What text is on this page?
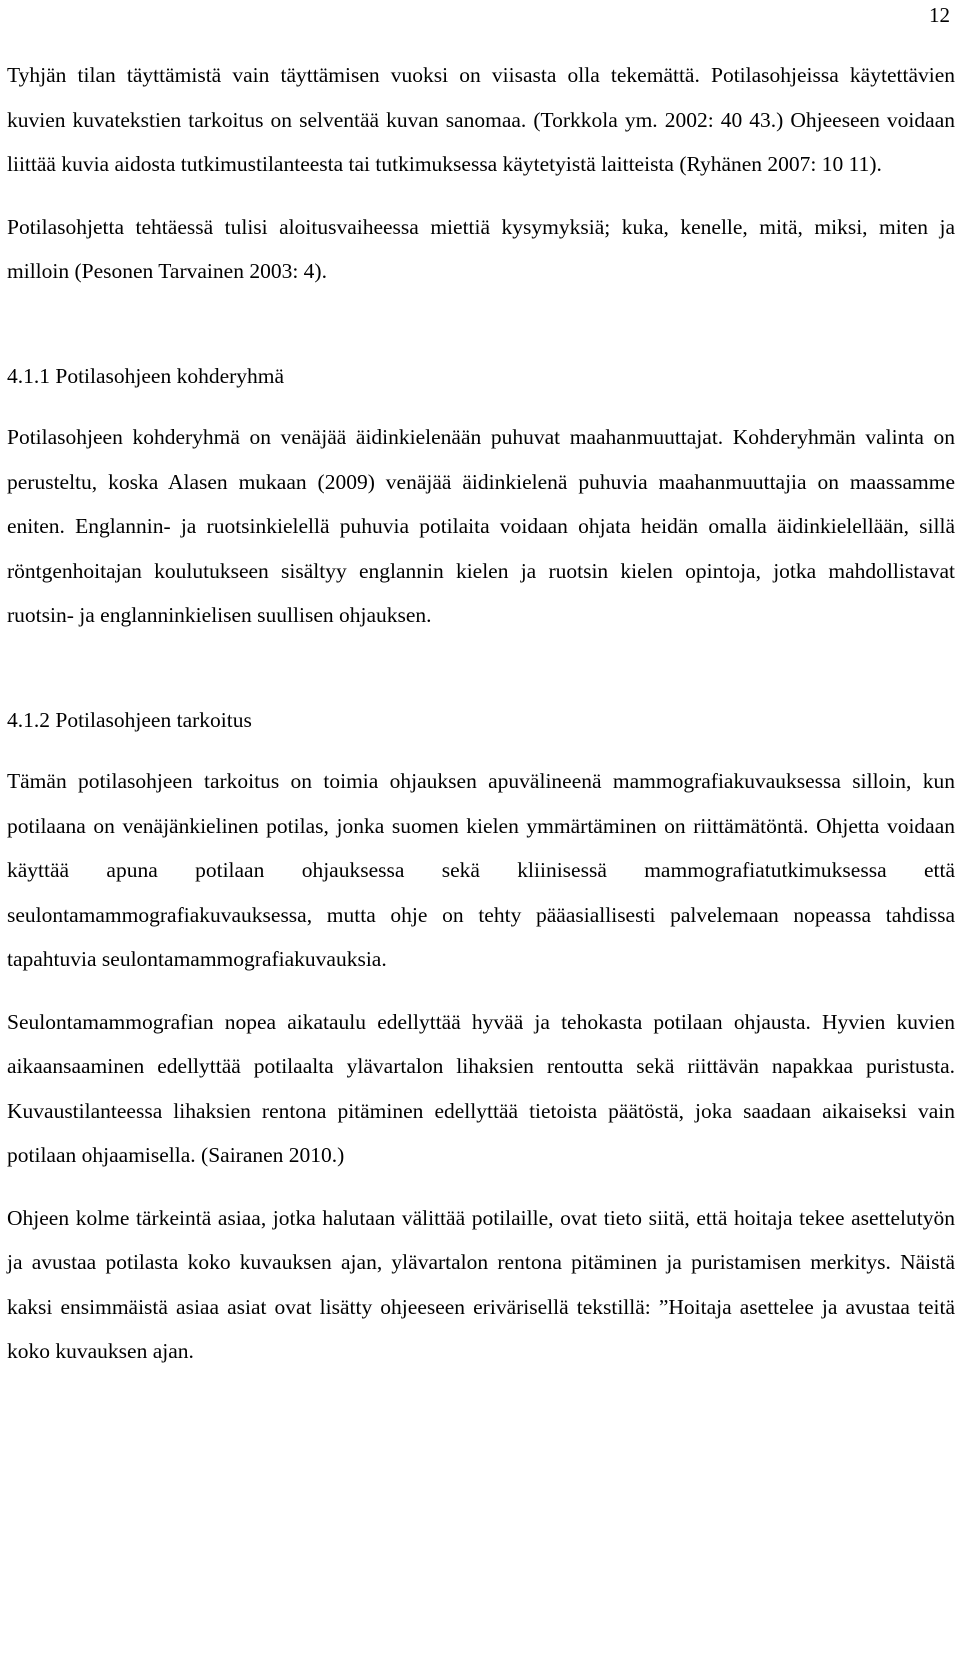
12

Tyhjän tilan täyttämistä vain täyttämisen vuoksi on viisasta olla tekemättä. Potilasohjeissa käytettävien kuvien kuvatekstien tarkoitus on selventää kuvan sanomaa. (Torkkola ym. 2002: 40 43.) Ohjeeseen voidaan liittää kuvia aidosta tutkimustilanteesta tai tutkimuksessa käytetyistä laitteista (Ryhänen 2007: 10 11).

Potilasohjetta tehtäessä tulisi aloitusvaiheessa miettiä kysymyksiä; kuka, kenelle, mitä, miksi, miten ja milloin (Pesonen Tarvainen 2003: 4).

4.1.1 Potilasohjeen kohderyhmä

Potilasohjeen kohderyhmä on venäjää äidinkielenään puhuvat maahanmuuttajat. Kohderyhmän valinta on perusteltu, koska Alasen mukaan (2009) venäjää äidinkielenä puhuvia maahanmuuttajia on maassamme eniten. Englannin- ja ruotsinkielellä puhuvia potilaita voidaan ohjata heidän omalla äidinkielellään, sillä röntgenhoitajan koulutukseen sisältyy englannin kielen ja ruotsin kielen opintoja, jotka mahdollistavat ruotsin- ja englanninkielisen suullisen ohjauksen.

4.1.2 Potilasohjeen tarkoitus

Tämän potilasohjeen tarkoitus on toimia ohjauksen apuvälineenä mammografiakuvauksessa silloin, kun potilaana on venäjänkielinen potilas, jonka suomen kielen ymmärtäminen on riittämätöntä. Ohjetta voidaan käyttää apuna potilaan ohjauksessa sekä kliinisessä mammografiatutkimuksessa että seulontamammografiakuvauksessa, mutta ohje on tehty pääasiallisesti palvelemaan nopeassa tahdissa tapahtuvia seulontamammografiakuvauksia.

Seulontamammografian nopea aikataulu edellyttää hyvää ja tehokasta potilaan ohjausta. Hyvien kuvien aikaansaaminen edellyttää potilaalta ylävartalon lihaksien rentoutta sekä riittävän napakkaa puristusta. Kuvaustilanteessa lihaksien rentona pitäminen edellyttää tietoista päätöstä, joka saadaan aikaiseksi vain potilaan ohjaamisella. (Sairanen 2010.)

Ohjeen kolme tärkeintä asiaa, jotka halutaan välittää potilaille, ovat tieto siitä, että hoitaja tekee asettelutyön ja avustaa potilasta koko kuvauksen ajan, ylävartalon rentona pitäminen ja puristamisen merkitys. Näistä kaksi ensimmäistä asiaa asiat ovat lisätty ohjeeseen erivärisellä tekstillä: ”Hoitaja asettelee ja avustaa teitä koko kuvauksen ajan.
